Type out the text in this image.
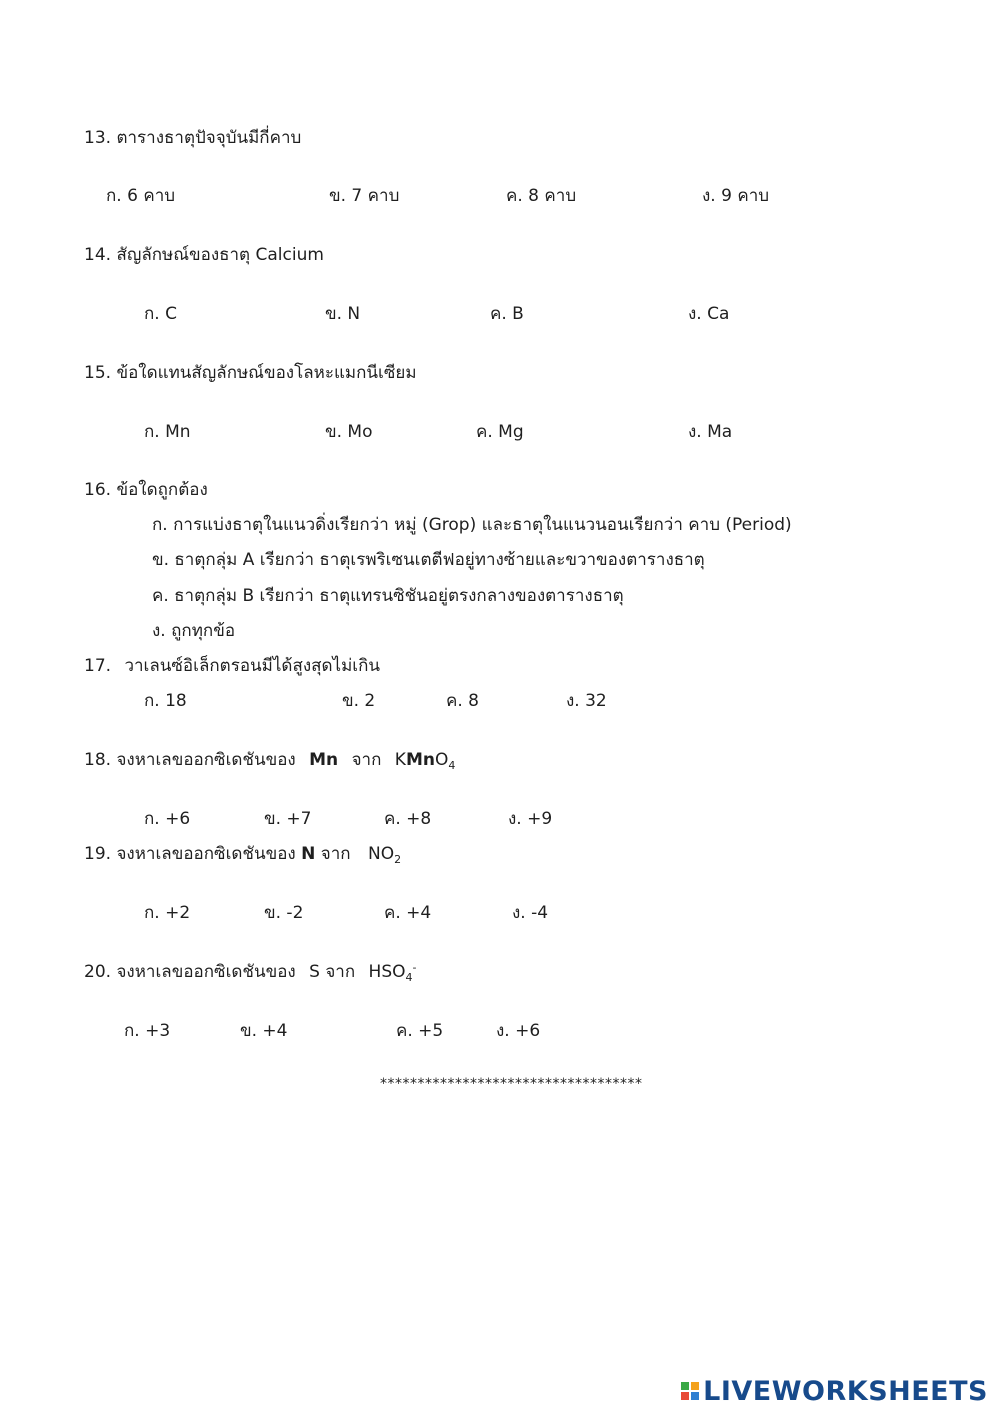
13. ตารางธาตุปัจจุบันมีกี่คาบ
ก. 6 คาบ	ข. 7 คาบ	ค. 8 คาบ	ง. 9 คาบ
14. สัญลักษณ์ของธาตุ Calcium
ก. C	ข. N	ค. B	ง. Ca
15. ข้อใดแทนสัญลักษณ์ของโลหะแมกนีเซียม
ก. Mn	ข. Mo	ค. Mg	ง. Ma
16. ข้อใดถูกต้อง
ก. การแบ่งธาตุในแนวดิ่งเรียกว่า หมู่ (Grop) และธาตุในแนวนอนเรียกว่า คาบ (Period)
ข. ธาตุกลุ่ม A เรียกว่า ธาตุเรพริเซนเตตีฟอยู่ทางซ้ายและขวาของตารางธาตุ
ค. ธาตุกลุ่ม B เรียกว่า ธาตุแทรนซิชันอยู่ตรงกลางของตารางธาตุ
ง. ถูกทุกข้อ
17. วาเลนซ์อิเล็กตรอนมีได้สูงสุดไม่เกิน
ก. 18	ข. 2	ค. 8	ง. 32
18. จงหาเลขออกซิเดชันของ Mn จาก KMnO$_4$
ก. +6	ข. +7	ค. +8	ง. +9
19. จงหาเลขออกซิเดชันของ N จาก $NO_2$
ก. +2	ข. -2	ค. +4	ง. -4
20. จงหาเลขออกซิเดชันของ S จาก $HSO_4^-$
ก. +3	ข. +4	ค. +5	ง. +6
***********************************
LIVEWORKSHEETS
